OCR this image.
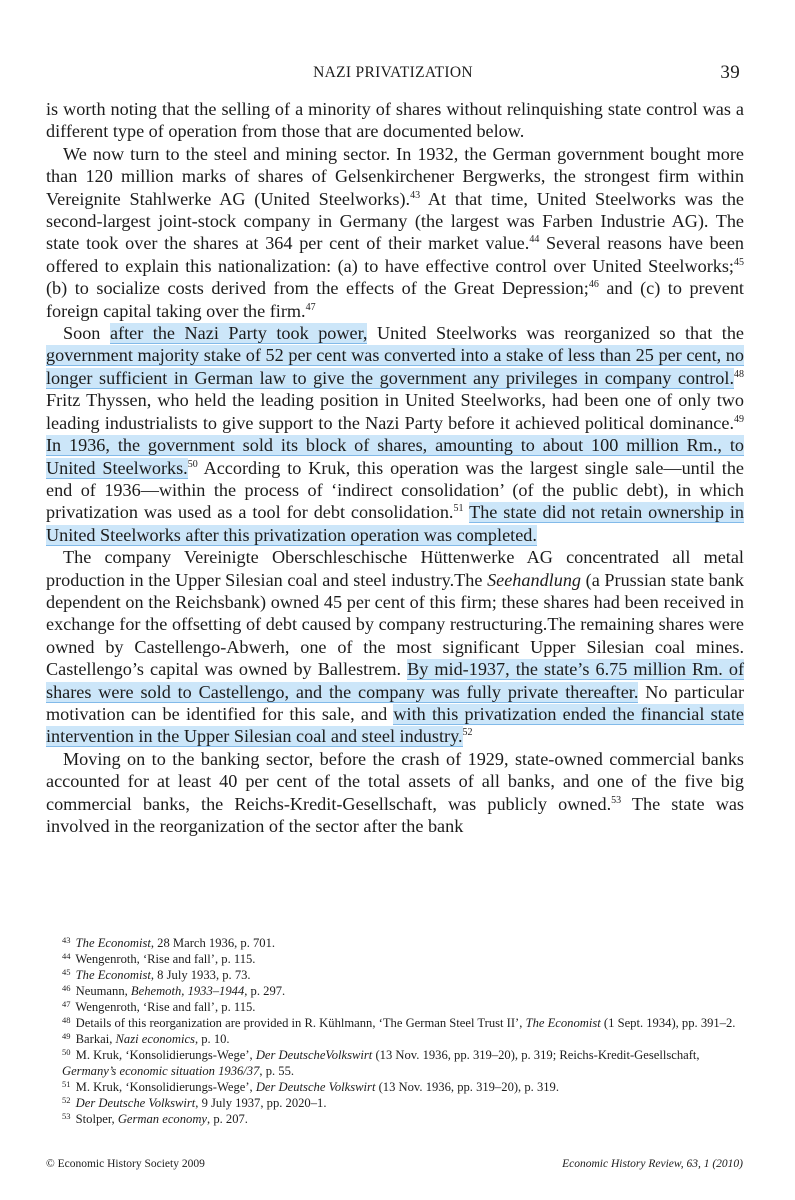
NAZI PRIVATIZATION	39

is worth noting that the selling of a minority of shares without relinquishing state control was a different type of operation from those that are documented below.

We now turn to the steel and mining sector. In 1932, the German government bought more than 120 million marks of shares of Gelsenkirchener Bergwerks, the strongest firm within Vereignite Stahlwerke AG (United Steelworks).$^{43}$ At that time, United Steelworks was the second-largest joint-stock company in Germany (the largest was Farben Industrie AG). The state took over the shares at 364 per cent of their market value.$^{44}$ Several reasons have been offered to explain this nationalization: (a) to have effective control over United Steelworks;$^{45}$ (b) to socialize costs derived from the effects of the Great Depression;$^{46}$ and (c) to prevent foreign capital taking over the firm.$^{47}$

Soon after the Nazi Party took power, United Steelworks was reorganized so that the government majority stake of 52 per cent was converted into a stake of less than 25 per cent, no longer sufficient in German law to give the government any privileges in company control.$^{48}$ Fritz Thyssen, who held the leading position in United Steelworks, had been one of only two leading industrialists to give support to the Nazi Party before it achieved political dominance.$^{49}$ In 1936, the government sold its block of shares, amounting to about 100 million Rm., to United Steelworks.$^{50}$ According to Kruk, this operation was the largest single sale—until the end of 1936—within the process of ‘indirect consolidation’ (of the public debt), in which privatization was used as a tool for debt consolidation.$^{51}$ The state did not retain ownership in United Steelworks after this privatization operation was completed.

The company Vereinigte Oberschleschische Hüttenwerke AG concentrated all metal production in the Upper Silesian coal and steel industry.The Seehandlung (a Prussian state bank dependent on the Reichsbank) owned 45 per cent of this firm; these shares had been received in exchange for the offsetting of debt caused by company restructuring.The remaining shares were owned by Castellengo-Abwerh, one of the most significant Upper Silesian coal mines. Castellengo’s capital was owned by Ballestrem. By mid-1937, the state’s 6.75 million Rm. of shares were sold to Castellengo, and the company was fully private thereafter. No particular motivation can be identified for this sale, and with this privatization ended the financial state intervention in the Upper Silesian coal and steel industry.$^{52}$

Moving on to the banking sector, before the crash of 1929, state-owned commercial banks accounted for at least 40 per cent of the total assets of all banks, and one of the five big commercial banks, the Reichs-Kredit-Gesellschaft, was publicly owned.$^{53}$ The state was involved in the reorganization of the sector after the bank

$^{43}$ The Economist, 28 March 1936, p. 701.
$^{44}$ Wengenroth, ‘Rise and fall’, p. 115.
$^{45}$ The Economist, 8 July 1933, p. 73.
$^{46}$ Neumann, Behemoth, 1933–1944, p. 297.
$^{47}$ Wengenroth, ‘Rise and fall’, p. 115.
$^{48}$ Details of this reorganization are provided in R. Kühlmann, ‘The German Steel Trust II’, The Economist (1 Sept. 1934), pp. 391–2.
$^{49}$ Barkai, Nazi economics, p. 10.
$^{50}$ M. Kruk, ‘Konsolidierungs-Wege’, Der DeutscheVolkswirt (13 Nov. 1936, pp. 319–20), p. 319; Reichs-Kredit-Gesellschaft, Germany’s economic situation 1936/37, p. 55.
$^{51}$ M. Kruk, ‘Konsolidierungs-Wege’, Der Deutsche Volkswirt (13 Nov. 1936, pp. 319–20), p. 319.
$^{52}$ Der Deutsche Volkswirt, 9 July 1937, pp. 2020–1.
$^{53}$ Stolper, German economy, p. 207.
© Economic History Society 2009	Economic History Review, 63, 1 (2010)
